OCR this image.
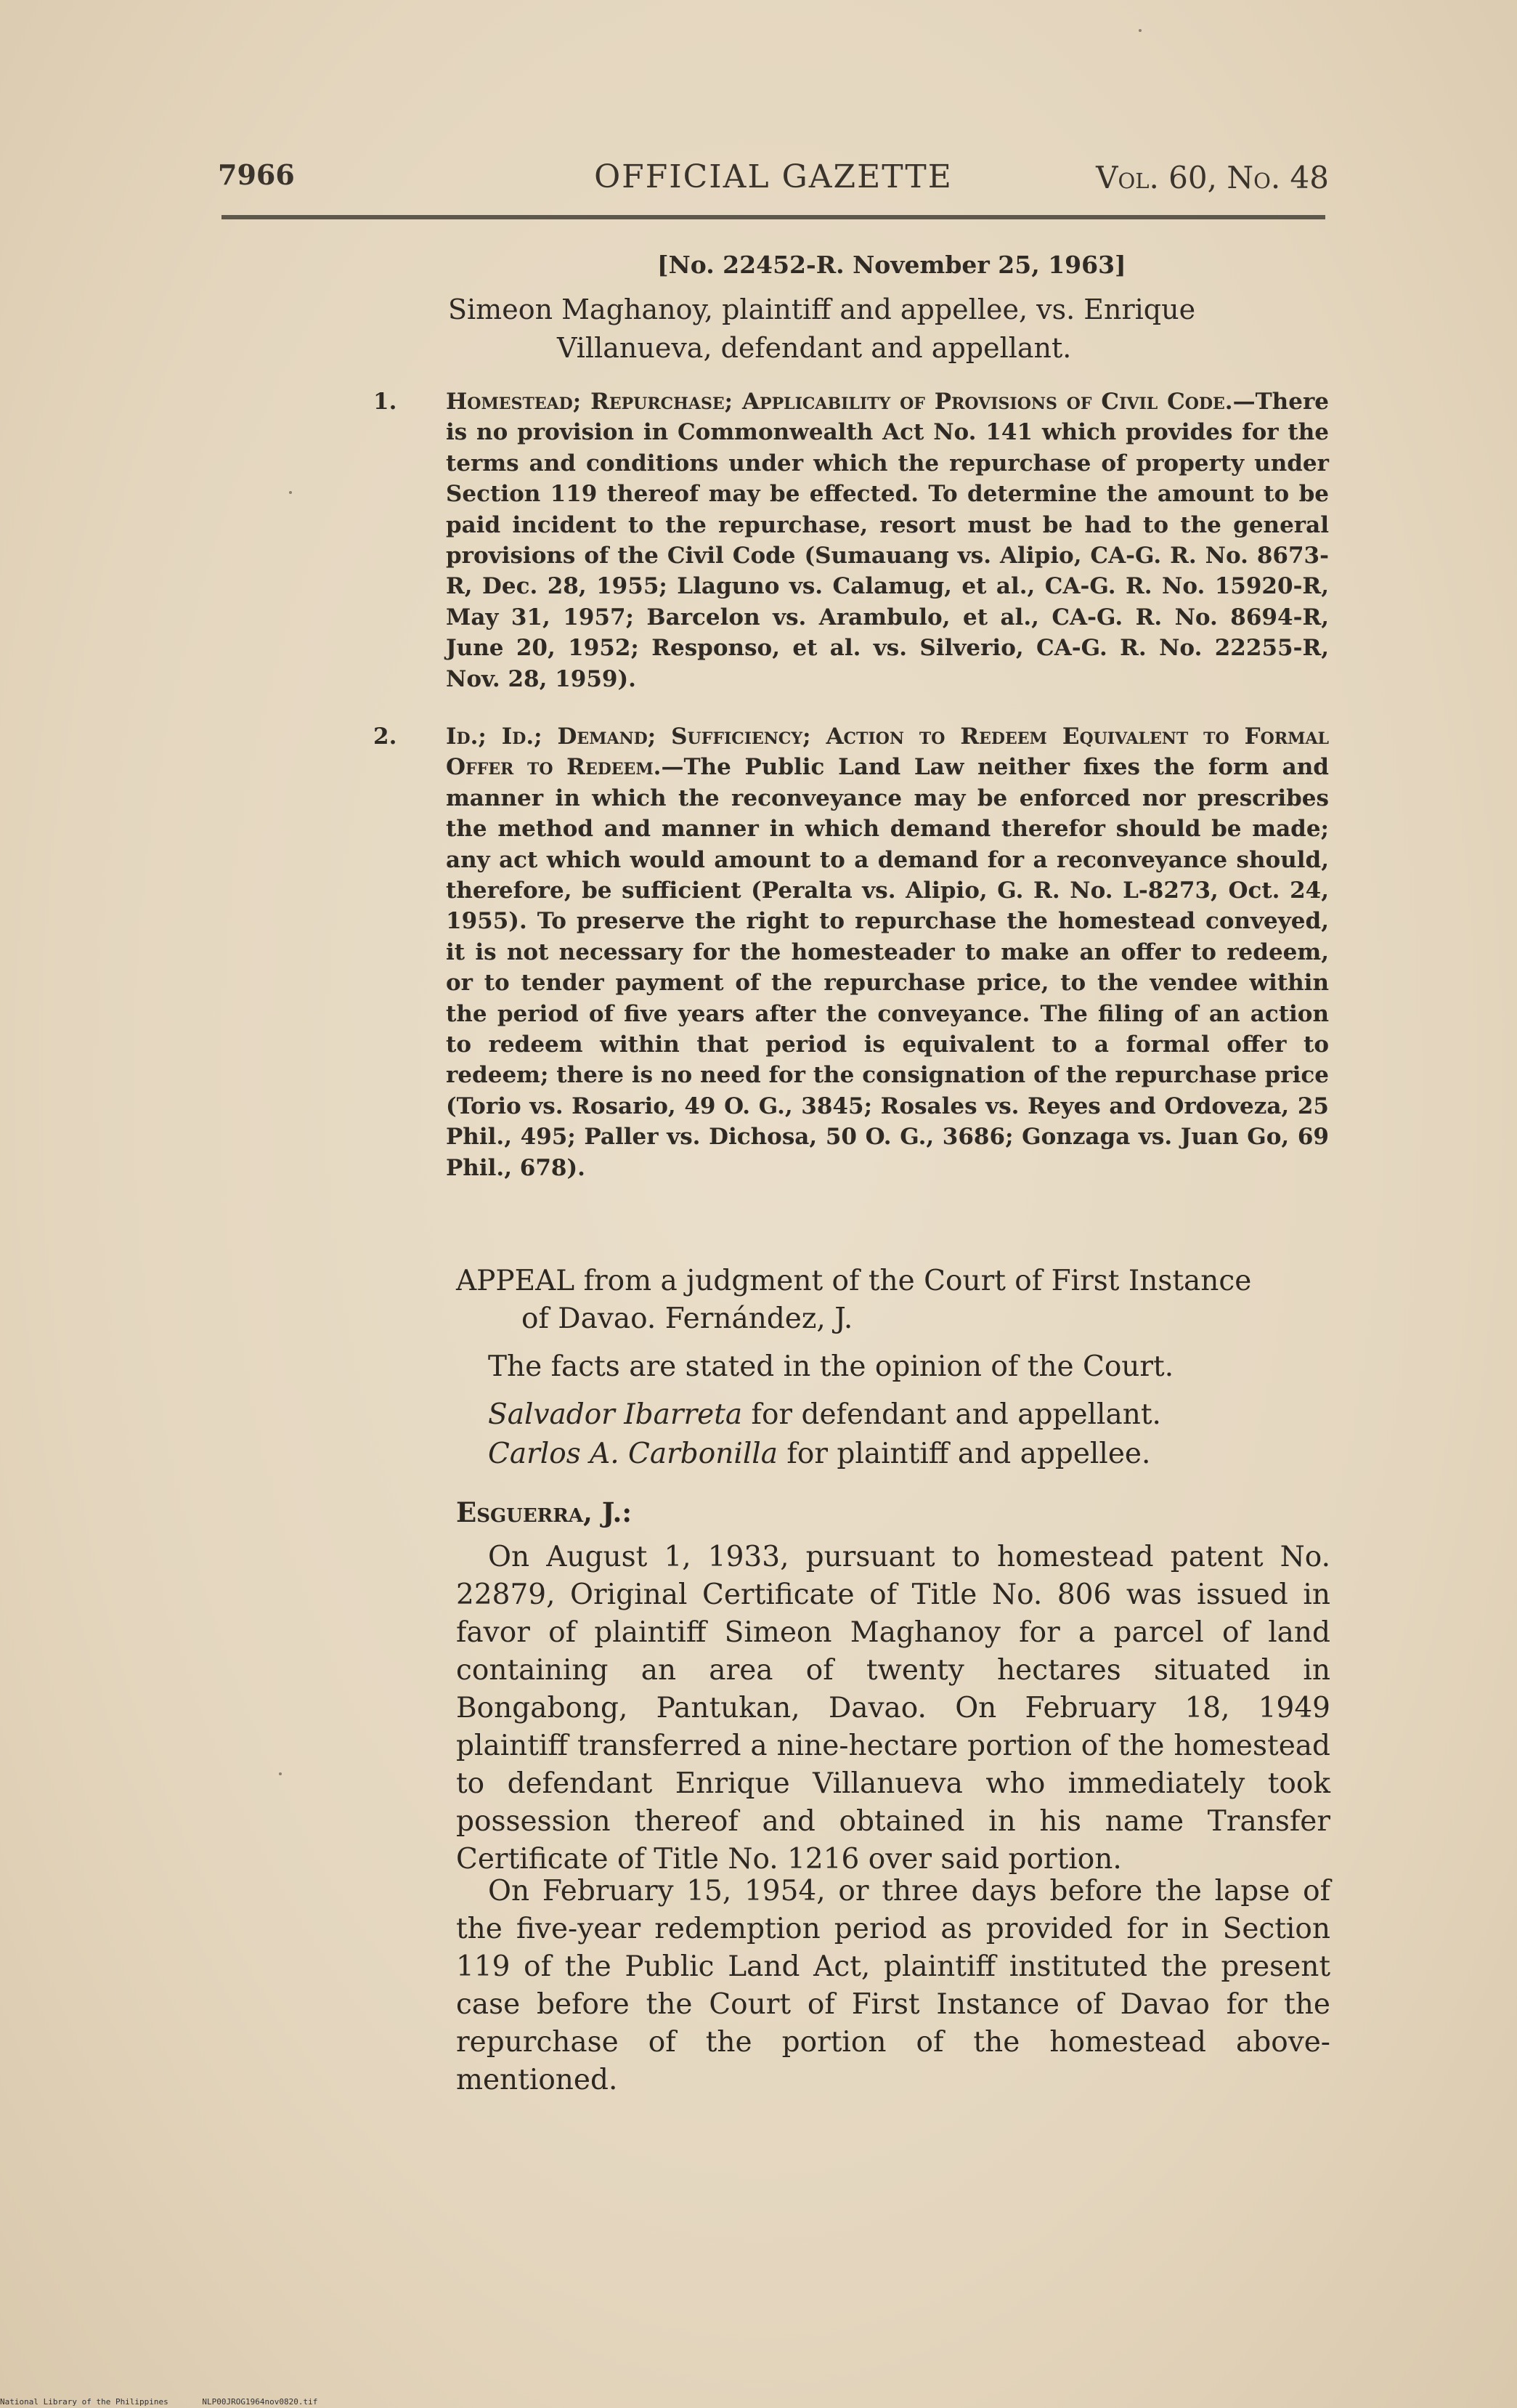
7966	OFFICIAL GAZETTE	Vol. 60, No. 48
[No. 22452-R. November 25, 1963]
Simeon Maghanoy, plaintiff and appellee, vs. Enrique
Villanueva, defendant and appellant.
1. Homestead; Repurchase; Applicability of Provisions of Civil Code.—There is no provision in Commonwealth Act No. 141 which provides for the terms and conditions under which the repurchase of property under Section 119 thereof may be effected. To determine the amount to be paid incident to the repurchase, resort must be had to the general provisions of the Civil Code (Sumauang vs. Alipio, CA-G. R. No. 8673-R, Dec. 28, 1955; Llaguno vs. Calamug, et al., CA-G. R. No. 15920-R, May 31, 1957; Barcelon vs. Arambulo, et al., CA-G. R. No. 8694-R, June 20, 1952; Responso, et al. vs. Silverio, CA-G. R. No. 22255-R, Nov. 28, 1959).
2. Id.; Id.; Demand; Sufficiency; Action to Redeem Equivalent to Formal Offer to Redeem.—The Public Land Law neither fixes the form and manner in which the reconveyance may be enforced nor prescribes the method and manner in which demand therefor should be made; any act which would amount to a demand for a reconveyance should, therefore, be sufficient (Peralta vs. Alipio, G. R. No. L-8273, Oct. 24, 1955). To preserve the right to repurchase the homestead conveyed, it is not necessary for the homesteader to make an offer to redeem, or to tender payment of the repurchase price, to the vendee within the period of five years after the conveyance. The filing of an action to redeem within that period is equivalent to a formal offer to redeem; there is no need for the consignation of the repurchase price (Torio vs. Rosario, 49 O. G., 3845; Rosales vs. Reyes and Ordoveza, 25 Phil., 495; Paller vs. Dichosa, 50 O. G., 3686; Gonzaga vs. Juan Go, 69 Phil., 678).
APPEAL from a judgment of the Court of First Instance
of Davao. Fernández, J.
The facts are stated in the opinion of the Court.
Salvador Ibarreta for defendant and appellant.
Carlos A. Carbonilla for plaintiff and appellee.
Esguerra, J.:
On August 1, 1933, pursuant to homestead patent No. 22879, Original Certificate of Title No. 806 was issued in favor of plaintiff Simeon Maghanoy for a parcel of land containing an area of twenty hectares situated in Bongabong, Pantukan, Davao. On February 18, 1949 plaintiff transferred a nine-hectare portion of the homestead to defendant Enrique Villanueva who immediately took possession thereof and obtained in his name Transfer Certificate of Title No. 1216 over said portion.
On February 15, 1954, or three days before the lapse of the five-year redemption period as provided for in Section 119 of the Public Land Act, plaintiff instituted the present case before the Court of First Instance of Davao for the repurchase of the portion of the homestead above-mentioned.
National Library of the Philippines	NLP00JROG1964nov0820.tif
